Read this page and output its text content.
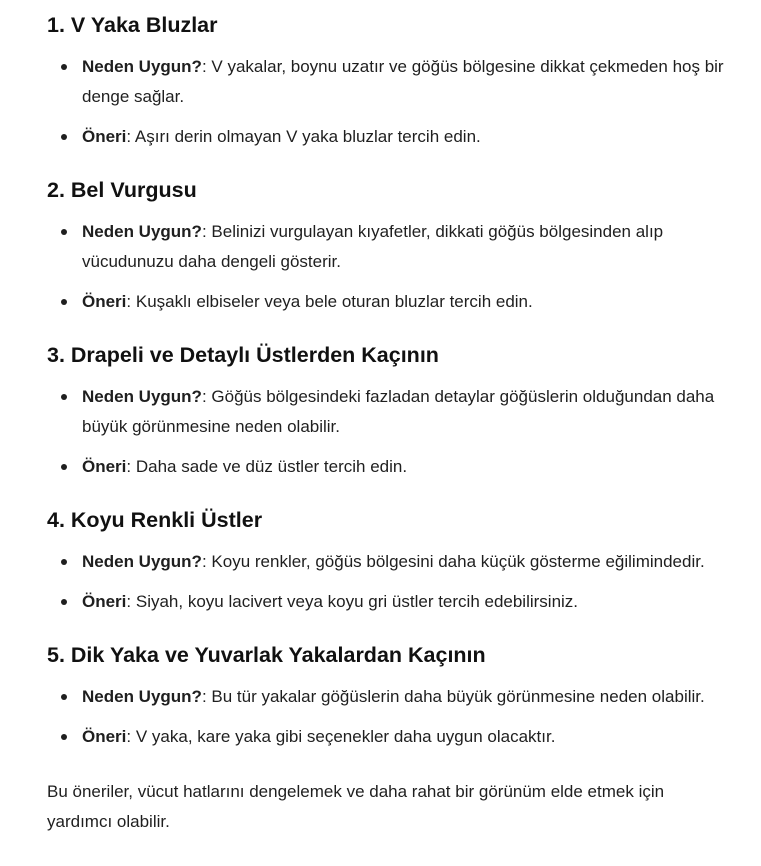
1. V Yaka Bluzlar
Neden Uygun?: V yakalar, boynu uzatır ve göğüs bölgesine dikkat çekmeden hoş bir denge sağlar.
Öneri: Aşırı derin olmayan V yaka bluzlar tercih edin.
2. Bel Vurgusu
Neden Uygun?: Belinizi vurgulayan kıyafetler, dikkati göğüs bölgesinden alıp vücudunuzu daha dengeli gösterir.
Öneri: Kuşaklı elbiseler veya bele oturan bluzlar tercih edin.
3. Drapeli ve Detaylı Üstlerden Kaçının
Neden Uygun?: Göğüs bölgesindeki fazladan detaylar göğüslerin olduğundan daha büyük görünmesine neden olabilir.
Öneri: Daha sade ve düz üstler tercih edin.
4. Koyu Renkli Üstler
Neden Uygun?: Koyu renkler, göğüs bölgesini daha küçük gösterme eğilimindedir.
Öneri: Siyah, koyu lacivert veya koyu gri üstler tercih edebilirsiniz.
5. Dik Yaka ve Yuvarlak Yakalardan Kaçının
Neden Uygun?: Bu tür yakalar göğüslerin daha büyük görünmesine neden olabilir.
Öneri: V yaka, kare yaka gibi seçenekler daha uygun olacaktır.

Bu öneriler, vücut hatlarını dengelemek ve daha rahat bir görünüm elde etmek için yardımcı olabilir.
